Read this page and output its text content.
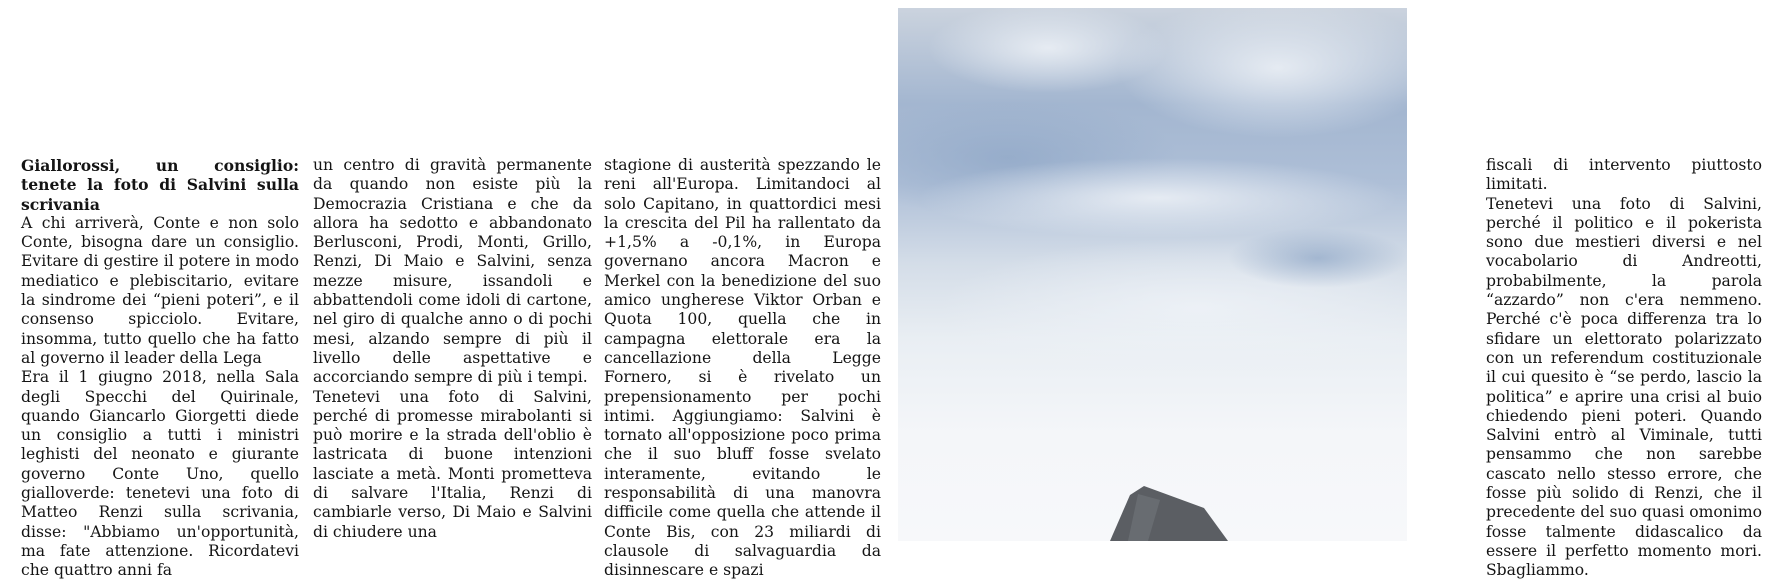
Giallorossi, un consiglio: tenete la foto di Salvini sulla scrivania

A chi arriverà, Conte e non solo Conte, bisogna dare un consiglio. Evitare di gestire il potere in modo mediatico e plebiscitario, evitare la sindrome dei “pieni poteri”, e il consenso spicciolo. Evitare, insomma, tutto quello che ha fatto al governo il leader della Lega

Era il 1 giugno 2018, nella Sala degli Specchi del Quirinale, quando Giancarlo Giorgetti diede un consiglio a tutti i ministri leghisti del neonato e giurante governo Conte Uno, quello gialloverde: tenetevi una foto di Matteo Renzi sulla scrivania, disse: "Abbiamo un'opportunità, ma fate attenzione. Ricordatevi che quattro anni fa

un centro di gravità permanente da quando non esiste più la Democrazia Cristiana e che da allora ha sedotto e abbandonato Berlusconi, Prodi, Monti, Grillo, Renzi, Di Maio e Salvini, senza mezze misure, issandoli e abbattendoli come idoli di cartone, nel giro di qualche anno o di pochi mesi, alzando sempre di più il livello delle aspettative e accorciando sempre di più i tempi.

Tenetevi una foto di Salvini, perché di promesse mirabolanti si può morire e la strada dell'oblio è lastricata di buone intenzioni lasciate a metà. Monti prometteva di salvare l'Italia, Renzi di cambiarle verso, Di Maio e Salvini di chiudere una

stagione di austerità spezzando le reni all'Europa. Limitandoci al solo Capitano, in quattordici mesi la crescita del Pil ha rallentato da +1,5% a -0,1%, in Europa governano ancora Macron e Merkel con la benedizione del suo amico ungherese Viktor Orban e Quota 100, quella che in campagna elettorale era la cancellazione della Legge Fornero, si è rivelato un prepensionamento per pochi intimi. Aggiungiamo: Salvini è tornato all'opposizione poco prima che il suo bluff fosse svelato interamente, evitando le responsabilità di una manovra difficile come quella che attende il Conte Bis, con 23 miliardi di clausole di salvaguardia da disinnescare e spazi

fiscali di intervento piuttosto limitati.

Tenetevi una foto di Salvini, perché il politico e il pokerista sono due mestieri diversi e nel vocabolario di Andreotti, probabilmente, la parola “azzardo” non c'era nemmeno. Perché c'è poca differenza tra lo sfidare un elettorato polarizzato con un referendum costituzionale il cui quesito è “se perdo, lascio la politica” e aprire una crisi al buio chiedendo pieni poteri. Quando Salvini entrò al Viminale, tutti pensammo che non sarebbe cascato nello stesso errore, che fosse più solido di Renzi, che il precedente del suo quasi omonimo fosse talmente didascalico da essere il perfetto momento mori. Sbagliammo.
